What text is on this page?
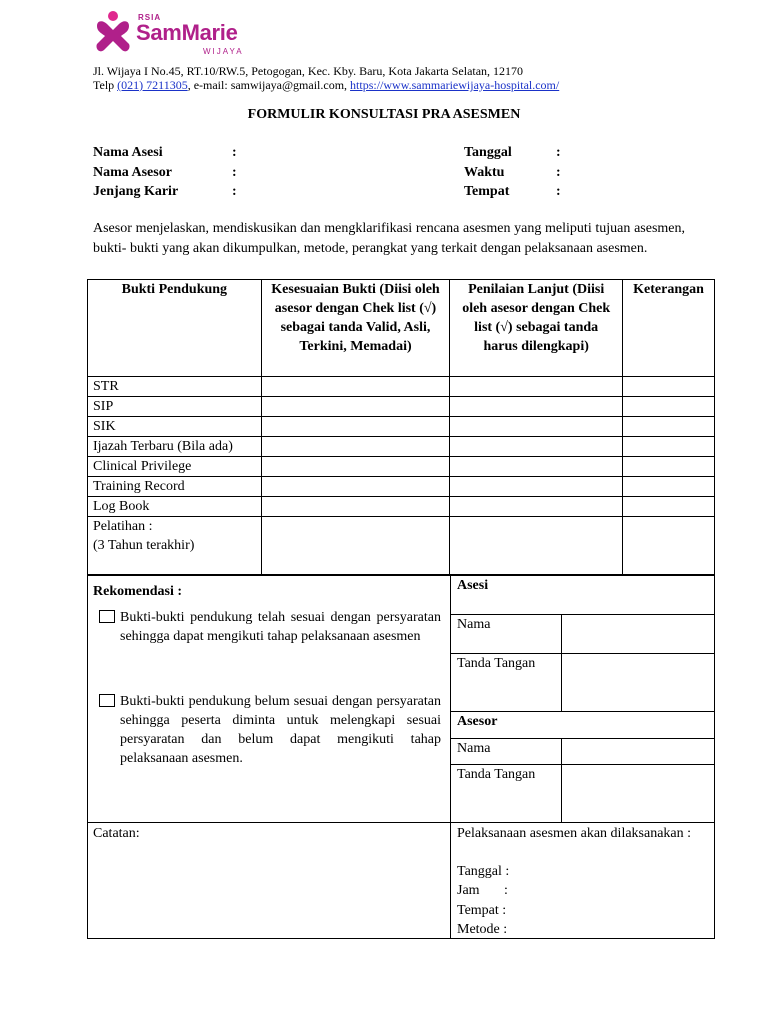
RSIA
SamMarie
WIJAYA
Jl. Wijaya I No.45, RT.10/RW.5, Petogogan, Kec. Kby. Baru, Kota Jakarta Selatan, 12170
Telp (021) 7211305, e-mail: samwijaya@gmail.com, https://www.sammariewijaya-hospital.com/
FORMULIR KONSULTASI PRA ASESMEN
Nama Asesi	:
Nama Asesor	:
Jenjang Karir	:
Tanggal	:
Waktu	:
Tempat	:
Asesor menjelaskan, mendiskusikan dan mengklarifikasi rencana asesmen yang meliputi tujuan asesmen, bukti- bukti yang akan dikumpulkan, metode, perangkat yang terkait dengan pelaksanaan asesmen.
Bukti Pendukung	Kesesuaian Bukti (Diisi oleh asesor dengan Chek list (√) sebagai tanda Valid, Asli, Terkini, Memadai)	Penilaian Lanjut (Diisi oleh asesor dengan Chek list (√) sebagai tanda harus dilengkapi)	Keterangan
STR			
SIP			
SIK			
Ijazah Terbaru (Bila ada)			
Clinical Privilege			
Training Record			
Log Book			

Pelatihan :
(3 Tahun terakhir)			

Rekomendasi :
Bukti-bukti pendukung telah sesuai dengan persyaratan sehingga dapat mengikuti tahap pelaksanaan asesmen
Bukti-bukti pendukung belum sesuai dengan persyaratan sehingga peserta diminta untuk melengkapi sesuai persyaratan dan belum dapat mengikuti tahap pelaksanaan asesmen.
Asesi
Nama
Tanda Tangan
Asesor
Nama
Tanda Tangan
Catatan:	Pelaksanaan asesmen akan dilaksanakan :
Tanggal :
Jam       :
Tempat :
Metode :
